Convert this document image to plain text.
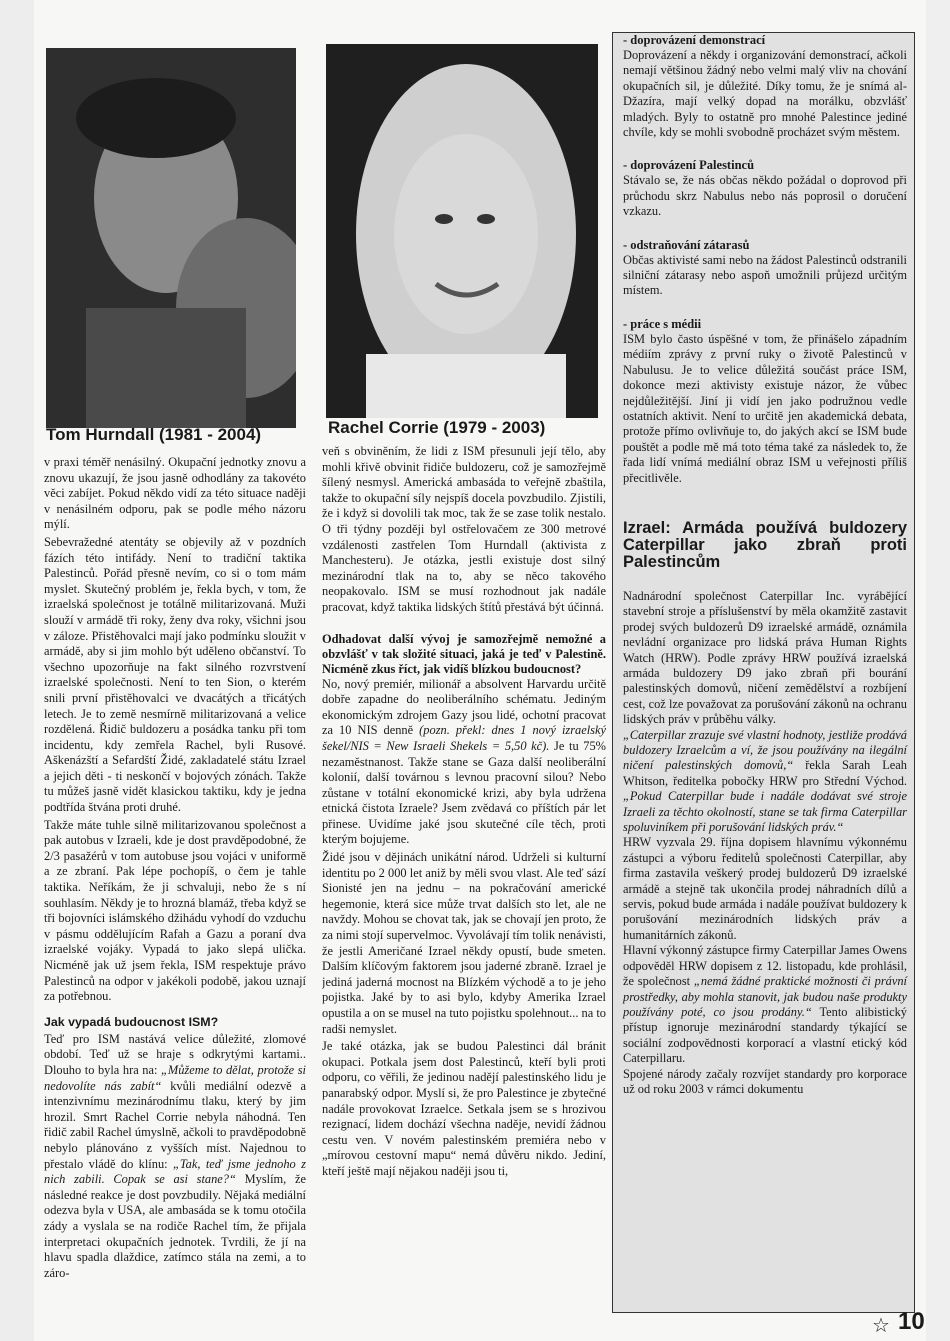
Tom Hurndall (1981 - 2004)	Rachel Corrie (1979 - 2003)

v praxi téměř nenásilný. Okupační jednotky znovu a znovu ukazují, že jsou jasně odhodlány za takovéto věci zabíjet. Pokud někdo vidí za této situace naději v nenásilném odporu, pak se podle mého názoru mýlí.

Sebevražedné atentáty se objevily až v pozdních fázích této intifády. Není to tradiční taktika Palestinců. Pořád přesně nevím, co si o tom mám myslet. Skutečný problém je, řekla bych, v tom, že izraelská společnost je totálně militarizovaná. Muži slouží v armádě tři roky, ženy dva roky, všichni jsou v záloze. Přistěhovalci mají jako podmínku sloužit v armádě, aby si jim mohlo být uděleno občanství. To všechno upozorňuje na fakt silného rozvrstvení izraelské společnosti. Není to ten Sion, o kterém snili první přistěhovalci ve dvacátých a třicátých letech. Je to země nesmírně militarizovaná a velice rozdělená. Řidič buldozeru a posádka tanku při tom incidentu, kdy zemřela Rachel, byli Rusové. Aškenázští a Sefardští Židé, zakladatelé státu Izrael a jejich děti - ti neskončí v bojových zónách. Takže tu můžeš jasně vidět klasickou taktiku, kdy je jedna podtřída štvána proti druhé.

Takže máte tuhle silně militarizovanou společnost a pak autobus v Izraeli, kde je dost pravděpodobné, že 2/3 pasažérů v tom autobuse jsou vojáci v uniformě a ze zbraní. Pak lépe pochopíš, o čem je tahle taktika. Neříkám, že ji schvaluji, nebo že s ní souhlasím. Někdy je to hrozná blamáž, třeba když se tři bojovníci islámského džihádu vyhodí do vzduchu v pásmu oddělujícím Rafah a Gazu a poraní dva izraelské vojáky. Vypadá to jako slepá ulička. Nicméně jak už jsem řekla, ISM respektuje právo Palestinců na odpor v jakékoli podobě, jakou uznají za potřebnou.

Jak vypadá budoucnost ISM?

Teď pro ISM nastává velice důležité, zlomové období. Teď už se hraje s odkrytými kartami.. Dlouho to byla hra na: „Můžeme to dělat, protože si nedovolíte nás zabít“ kvůli mediální odezvě a intenzivnímu mezinárodnímu tlaku, který by jim hrozil. Smrt Rachel Corrie nebyla náhodná. Ten řidič zabil Rachel úmyslně, ačkoli to pravděpodobně nebylo plánováno z vyšších míst. Najednou to přestalo vládě do klínu: „Tak, teď jsme jednoho z nich zabili. Copak se asi stane?“ Myslím, že následné reakce je dost povzbudily. Nějaká mediální odezva byla v USA, ale ambasáda se k tomu otočila zády a vyslala se na rodiče Rachel tím, že přijala interpretaci okupačních jednotek. Tvrdili, že jí na hlavu spadla dlaždice, zatímco stála na zemi, a to záro-

veň s obviněním, že lidi z ISM přesunuli její tělo, aby mohli křivě obvinit řidiče buldozeru, což je samozřejmě šílený nesmysl. Americká ambasáda to veřejně zbaštila, takže to okupační síly nejspíš docela povzbudilo. Zjistili, že i když si dovolili tak moc, tak že se zase tolik nestalo. O tři týdny později byl ostřelovačem ze 300 metrové vzdálenosti zastřelen Tom Hurndall (aktivista z Manchesteru). Je otázka, jestli existuje dost silný mezinárodní tlak na to, aby se něco takového neopakovalo. ISM se musí rozhodnout jak nadále pracovat, když taktika lidských štítů přestává být účinná.

Odhadovat další vývoj je samozřejmě nemožné a obzvlášť v tak složité situaci, jaká je teď v Palestině. Nicméně zkus říct, jak vidíš blízkou budoucnost?

No, nový premiér, milionář a absolvent Harvardu určitě dobře zapadne do neoliberálního schématu. Jediným ekonomickým zdrojem Gazy jsou lidé, ochotní pracovat za 10 NIS denně (pozn. překl: dnes 1 nový izraelský šekel/NIS = New Israeli Shekels = 5,50 kč). Je tu 75% nezaměstnanost. Takže stane se Gaza další neoliberální kolonií, další továrnou s levnou pracovní silou? Nebo zůstane v totální ekonomické krizi, aby byla udržena etnická čistota Izraele? Jsem zvědavá co příštích pár let přinese. Uvidíme jaké jsou skutečné cíle těch, proti kterým bojujeme.

Židé jsou v dějinách unikátní národ. Udrželi si kulturní identitu po 2 000 let aniž by měli svou vlast. Ale teď sází Sionisté jen na jednu – na pokračování americké hegemonie, která sice může trvat dalších sto let, ale ne navždy. Mohou se chovat tak, jak se chovají jen proto, že za nimi stojí supervelmoc. Vyvolávají tím tolik nenávisti, že jestli Američané Izrael někdy opustí, bude smeten. Dalším klíčovým faktorem jsou jaderné zbraně. Izrael je jediná jaderná mocnost na Blízkém východě a to je jeho pojistka. Jaké by to asi bylo, kdyby Amerika Izrael opustila a on se musel na tuto pojistku spolehnout... na to radši nemyslet.

Je také otázka, jak se budou Palestinci dál bránit okupaci. Potkala jsem dost Palestinců, kteří byli proti odporu, co věřili, že jedinou nadějí palestinského lidu je panarabský odpor. Myslí si, že pro Palestince je zbytečné nadále provokovat Izraelce. Setkala jsem se s hrozivou rezignací, lidem dochází všechna naděje, nevidí žádnou cestu ven. V novém palestinském premiéra nebo v „mírovou cestovní mapu“ nemá důvěru nikdo. Jediní, kteří ještě mají nějakou naději jsou ti,

- doprovázení demonstrací

Doprovázení a někdy i organizování demonstrací, ačkoli nemají většinou žádný nebo velmi malý vliv na chování okupačních sil, je důležité. Díky tomu, že je snímá al-Džazíra, mají velký dopad na morálku, obzvlášť mladých. Byly to ostatně pro mnohé Palestince jediné chvíle, kdy se mohli svobodně procházet svým městem.

- doprovázení Palestinců

Stávalo se, že nás občas někdo požádal o doprovod při průchodu skrz Nabulus nebo nás poprosil o doručení vzkazu.

- odstraňování zátarasů

Občas aktivisté sami nebo na žádost Palestinců odstranili silniční zátarasy nebo aspoň umožnili průjezd určitým místem.

- práce s médii

ISM bylo často úspěšné v tom, že přinášelo západním médiím zprávy z první ruky o životě Palestinců v Nabulusu. Je to velice důležitá součást práce ISM, dokonce mezi aktivisty existuje názor, že vůbec nejdůležitější. Jiní ji vidí jen jako podružnou vedle ostatních aktivit. Není to určitě jen akademická debata, protože přímo ovlivňuje to, do jakých akcí se ISM bude pouštět a podle mě má toto téma také za následek to, že řada lidí vnímá mediální obraz ISM u veřejnosti příliš přecitlivěle.

Izrael: Armáda používá buldozery Caterpillar jako zbraň proti Palestincům

Nadnárodní společnost Caterpillar Inc. vyrábějící stavební stroje a příslušenství by měla okamžitě zastavit prodej svých buldozerů D9 izraelské armádě, oznámila nevládní organizace pro lidská práva Human Rights Watch (HRW). Podle zprávy HRW používá izraelská armáda buldozery D9 jako zbraň při bourání palestinských domovů, ničení zemědělství a rozbíjení cest, což lze považovat za porušování zákonů na ochranu lidských práv v průběhu války.

„Caterpillar zrazuje své vlastní hodnoty, jestliže prodává buldozery Izraelcům a ví, že jsou používány na ilegální ničení palestinských domovů,“ řekla Sarah Leah Whitson, ředitelka pobočky HRW pro Střední Východ. „Pokud Caterpillar bude i nadále dodávat své stroje Izraeli za těchto okolností, stane se tak firma Caterpillar spoluviníkem při porušování lidských práv.“

HRW vyzvala 29. října dopisem hlavnímu výkonnému zástupci a výboru ředitelů společnosti Caterpillar, aby firma zastavila veškerý prodej buldozerů D9 izraelské armádě a stejně tak ukončila prodej náhradních dílů a servis, pokud bude armáda i nadále používat buldozery k porušování mezinárodních lidských práv a humanitárních zákonů.

Hlavní výkonný zástupce firmy Caterpillar James Owens odpověděl HRW dopisem z 12. listopadu, kde prohlásil, že společnost „nemá žádné praktické možnosti či právní prostředky, aby mohla stanovit, jak budou naše produkty používány poté, co jsou prodány.“ Tento alibistický přístup ignoruje mezinárodní standardy týkající se sociální zodpovědnosti korporací a vlastní etický kód Caterpillaru.

Spojené národy začaly rozvíjet standardy pro korporace už od roku 2003 v rámci dokumentu

☆ 10
